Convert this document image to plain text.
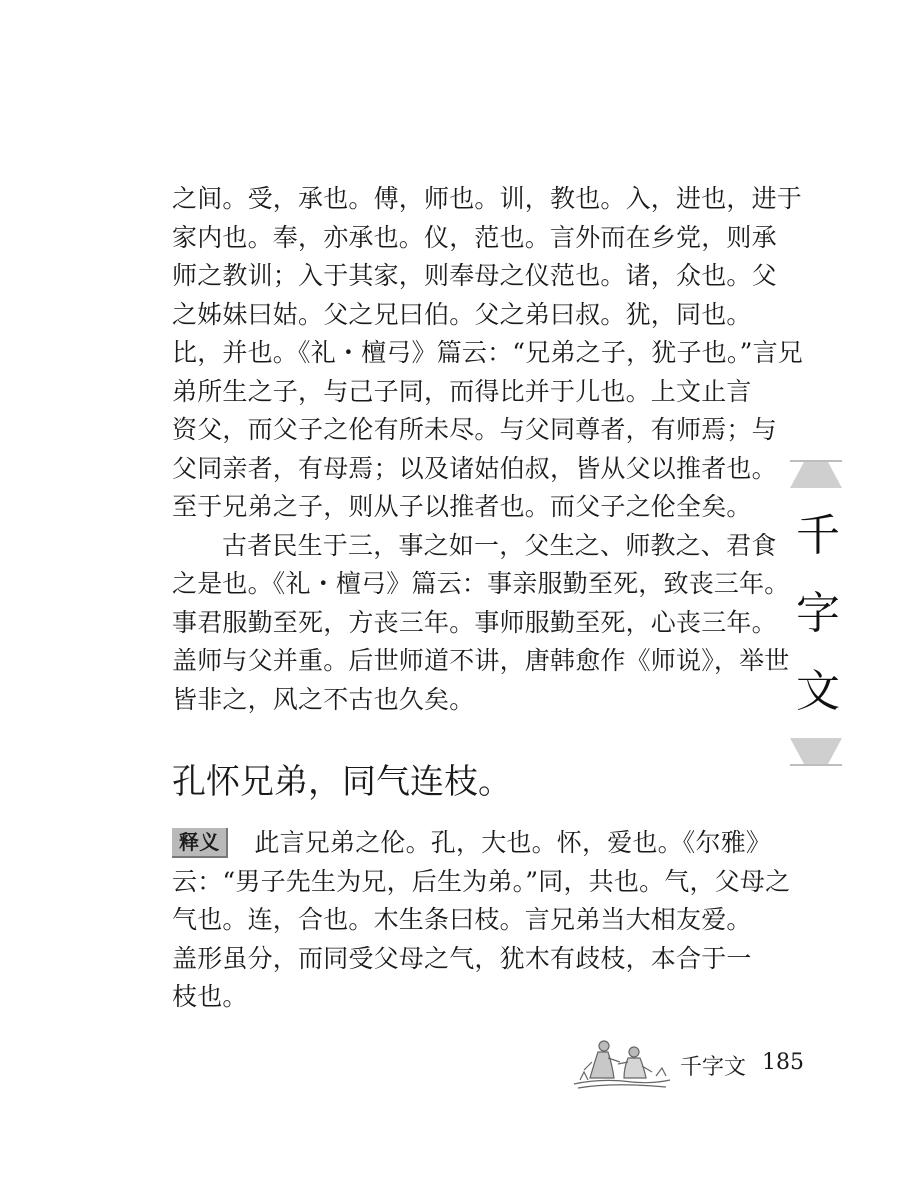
之间。受，承也。傅，师也。训，教也。入，进也，进于
家内也。奉，亦承也。仪，范也。言外而在乡党，则承
师之教训；入于其家，则奉母之仪范也。诸，众也。父
之姊妹曰姑。父之兄曰伯。父之弟曰叔。犹，同也。
比，并也。《礼・檀弓》篇云：“兄弟之子，犹子也。”言兄
弟所生之子，与己子同，而得比并于儿也。上文止言
资父，而父子之伦有所未尽。与父同尊者，有师焉；与
父同亲者，有母焉；以及诸姑伯叔，皆从父以推者也。
至于兄弟之子，则从子以推者也。而父子之伦全矣。
古者民生于三，事之如一，父生之、师教之、君食
之是也。《礼・檀弓》篇云：事亲服勤至死，致丧三年。
事君服勤至死，方丧三年。事师服勤至死，心丧三年。
盖师与父并重。后世师道不讲，唐韩愈作《师说》，举世
皆非之，风之不古也久矣。
孔怀兄弟，同气连枝。
释义 此言兄弟之伦。孔，大也。怀，爱也。《尔雅》
云：“男子先生为兄，后生为弟。”同，共也。气，父母之
气也。连，合也。木生条曰枝。言兄弟当大相友爱。
盖形虽分，而同受父母之气，犹木有歧枝，本合于一
枝也。
千
字
文
千字文 185
